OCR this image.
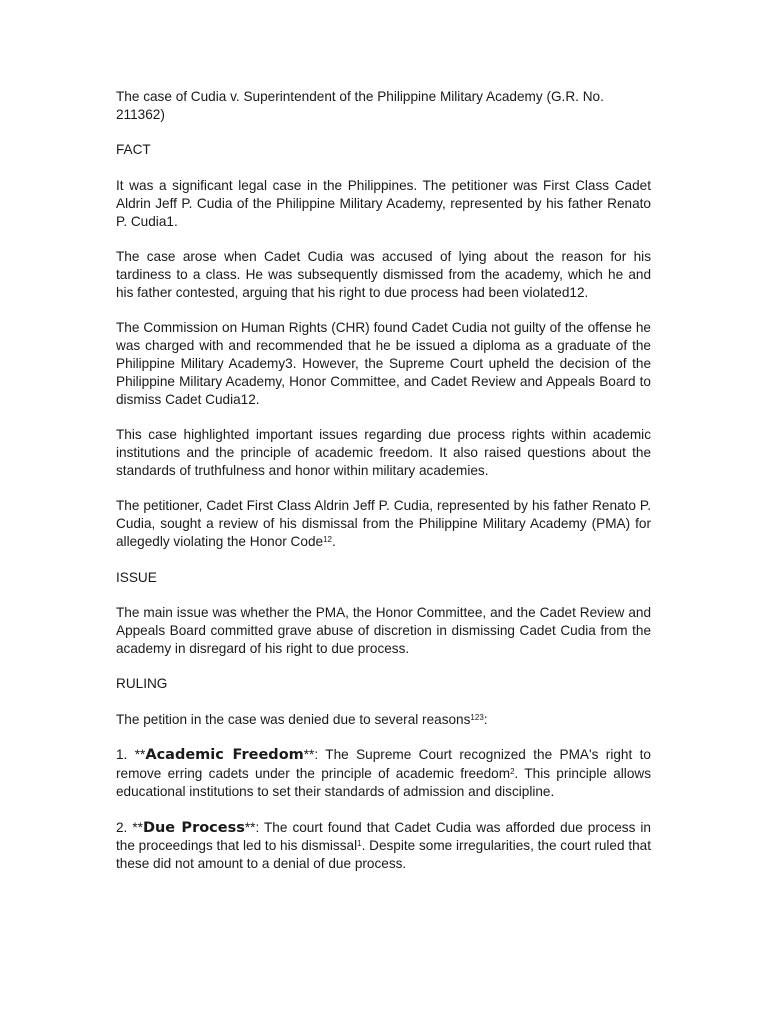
The case of Cudia v. Superintendent of the Philippine Military Academy (G.R. No. 211362)

FACT

It was a significant legal case in the Philippines. The petitioner was First Class Cadet Aldrin Jeff P. Cudia of the Philippine Military Academy, represented by his father Renato P. Cudia1.

The case arose when Cadet Cudia was accused of lying about the reason for his tardiness to a class. He was subsequently dismissed from the academy, which he and his father contested, arguing that his right to due process had been violated12.

The Commission on Human Rights (CHR) found Cadet Cudia not guilty of the offense he was charged with and recommended that he be issued a diploma as a graduate of the Philippine Military Academy3. However, the Supreme Court upheld the decision of the Philippine Military Academy, Honor Committee, and Cadet Review and Appeals Board to dismiss Cadet Cudia12.

This case highlighted important issues regarding due process rights within academic institutions and the principle of academic freedom. It also raised questions about the standards of truthfulness and honor within military academies.

The petitioner, Cadet First Class Aldrin Jeff P. Cudia, represented by his father Renato P. Cudia, sought a review of his dismissal from the Philippine Military Academy (PMA) for allegedly violating the Honor Code$^{12}$.

ISSUE

The main issue was whether the PMA, the Honor Committee, and the Cadet Review and Appeals Board committed grave abuse of discretion in dismissing Cadet Cudia from the academy in disregard of his right to due process.

RULING

The petition in the case was denied due to several reasons$^{123}$:

1. **Academic Freedom**: The Supreme Court recognized the PMA's right to remove erring cadets under the principle of academic freedom$^2$. This principle allows educational institutions to set their standards of admission and discipline.

2. **Due Process**: The court found that Cadet Cudia was afforded due process in the proceedings that led to his dismissal$^1$. Despite some irregularities, the court ruled that these did not amount to a denial of due process.
